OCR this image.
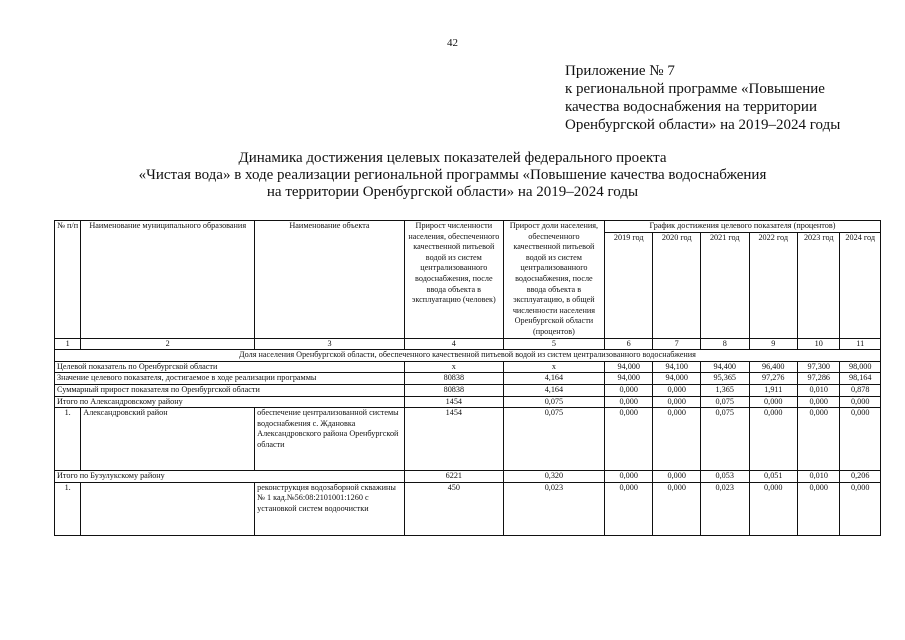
42
Приложение № 7
к региональной программе «Повышение
качества водоснабжения на территории
Оренбургской области» на 2019–2024 годы
Динамика достижения целевых показателей федерального проекта
«Чистая вода» в ходе реализации региональной программы «Повышение качества водоснабжения
на территории Оренбургской области» на 2019–2024 годы
№ п/п	Наименование муниципального образования	Наименование объекта	Прирост численности населения, обеспеченного качественной питьевой водой из систем централизованного водоснабжения, после ввода объекта в эксплуатацию (человек)	Прирост доли населения, обеспеченного качественной питьевой водой из систем централизованного водоснабжения, после ввода объекта в эксплуатацию, в общей численности населения Оренбургской области (процентов)	График достижения целевого показателя (процентов)					
					2019 год	2020 год	2021 год	2022 год	2023 год	2024 год
1	2	3	4	5	6	7	8	9	10	11
Доля населения Оренбургской области, обеспеченного качественной питьевой водой из систем централизованного водоснабжения										
Целевой показатель по Оренбургской области			х	х	94,000	94,100	94,400	96,400	97,300	98,000
Значение целевого показателя, достигаемое в ходе реализации программы			80838	4,164	94,000	94,000	95,365	97,276	97,286	98,164
Суммарный прирост показателя по Оренбургской области			80838	4,164	0,000	0,000	1,365	1,911	0,010	0,878
Итого по Александровскому району			1454	0,075	0,000	0,000	0,075	0,000	0,000	0,000
1.	Александровский район	обеспечение централизованной системы водоснабжения с. Ждановка Александровского района Оренбургской области	1454	0,075	0,000	0,000	0,075	0,000	0,000	0,000
Итого по Бузулукскому району			6221	0,320	0,000	0,000	0,053	0,051	0,010	0,206
1.		реконструкция водозаборной скважины № 1 кад.№56:08:2101001:1260 с установкой систем водоочистки	450	0,023	0,000	0,000	0,023	0,000	0,000	0,000
